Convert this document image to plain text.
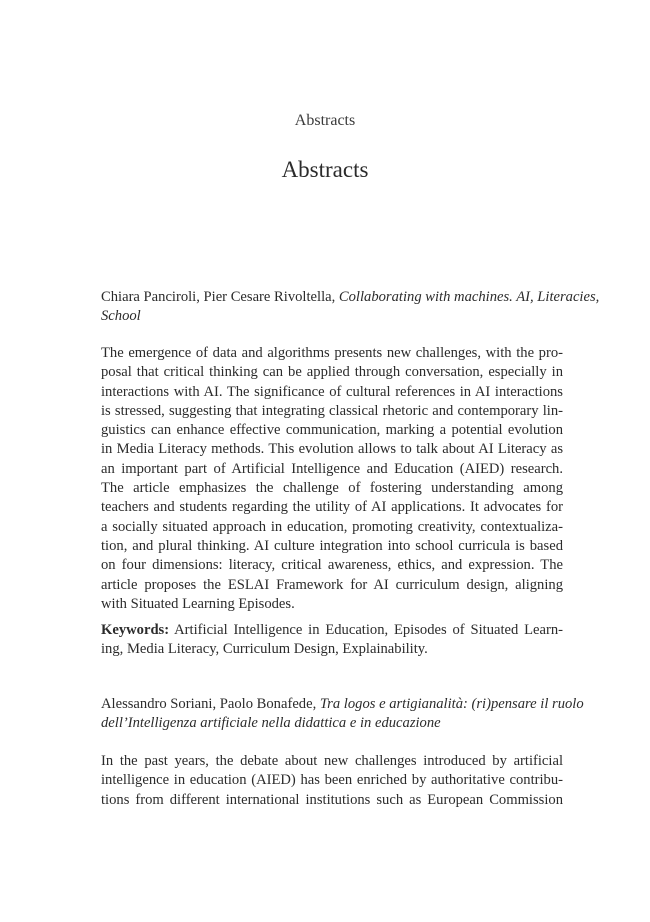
Abstracts
Abstracts
Chiara Panciroli, Pier Cesare Rivoltella, Collaborating with machines. AI, Literacies,
School
The emergence of data and algorithms presents new challenges, with the pro-
posal that critical thinking can be applied through conversation, especially in
interactions with AI. The significance of cultural references in AI interactions
is stressed, suggesting that integrating classical rhetoric and contemporary lin-
guistics can enhance effective communication, marking a potential evolution
in Media Literacy methods. This evolution allows to talk about AI Literacy as
an important part of Artificial Intelligence and Education (AIED) research.
The article emphasizes the challenge of fostering understanding among
teachers and students regarding the utility of AI applications. It advocates for
a socially situated approach in education, promoting creativity, contextualiza-
tion, and plural thinking. AI culture integration into school curricula is based
on four dimensions: literacy, critical awareness, ethics, and expression. The
article proposes the ESLAI Framework for AI curriculum design, aligning
with Situated Learning Episodes.
Keywords: Artificial Intelligence in Education, Episodes of Situated Learn-
ing, Media Literacy, Curriculum Design, Explainability.
Alessandro Soriani, Paolo Bonafede, Tra logos e artigianalità: (ri)pensare il ruolo
dell’Intelligenza artificiale nella didattica e in educazione
In the past years, the debate about new challenges introduced by artificial
intelligence in education (AIED) has been enriched by authoritative contribu-
tions from different international institutions such as European Commission
